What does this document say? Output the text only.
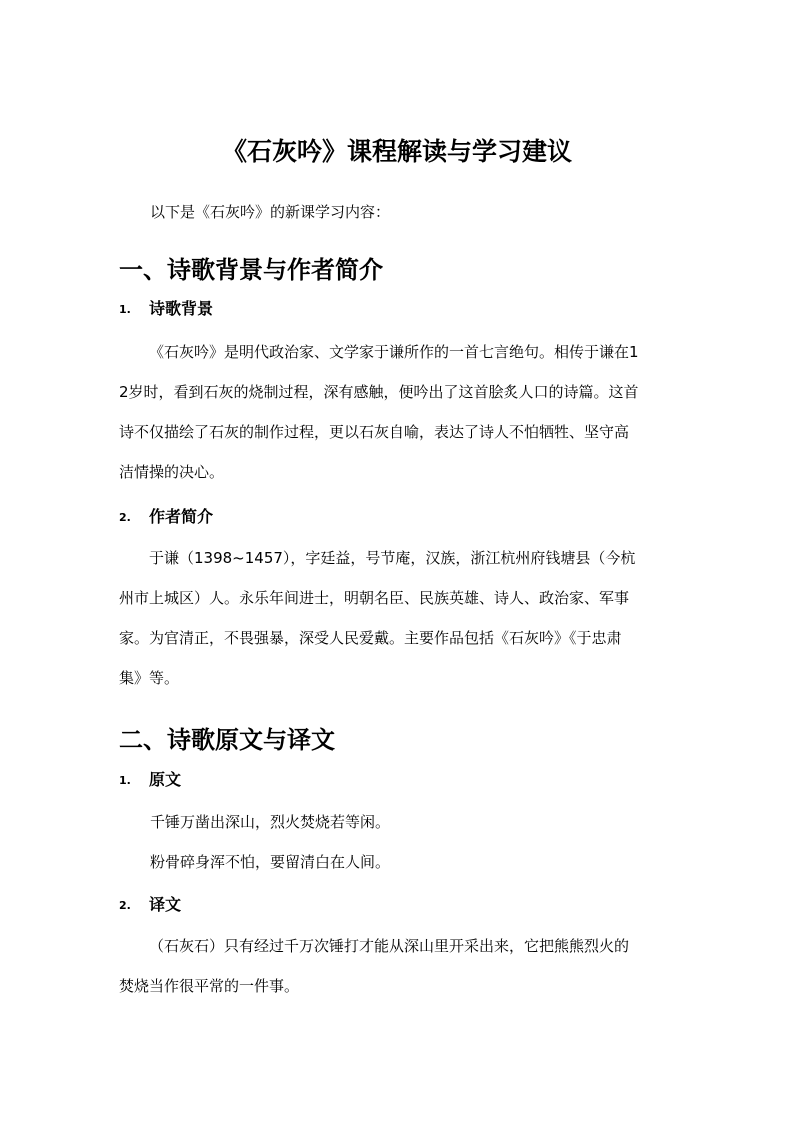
《石灰吟》课程解读与学习建议
以下是《石灰吟》的新课学习内容：
一、诗歌背景与作者简介
1. 诗歌背景
《石灰吟》是明代政治家、文学家于谦所作的一首七言绝句。相传于谦在1
2岁时，看到石灰的烧制过程，深有感触，便吟出了这首脍炙人口的诗篇。这首
诗不仅描绘了石灰的制作过程，更以石灰自喻，表达了诗人不怕牺牲、坚守高
洁情操的决心。
2. 作者简介
于谦（1398~1457），字廷益，号节庵，汉族，浙江杭州府钱塘县（今杭
州市上城区）人。永乐年间进士，明朝名臣、民族英雄、诗人、政治家、军事
家。为官清正，不畏强暴，深受人民爱戴。主要作品包括《石灰吟》《于忠肃
集》等。
二、诗歌原文与译文
1. 原文
千锤万凿出深山，烈火焚烧若等闲。
粉骨碎身浑不怕，要留清白在人间。
2. 译文
（石灰石）只有经过千万次锤打才能从深山里开采出来，它把熊熊烈火的
焚烧当作很平常的一件事。
